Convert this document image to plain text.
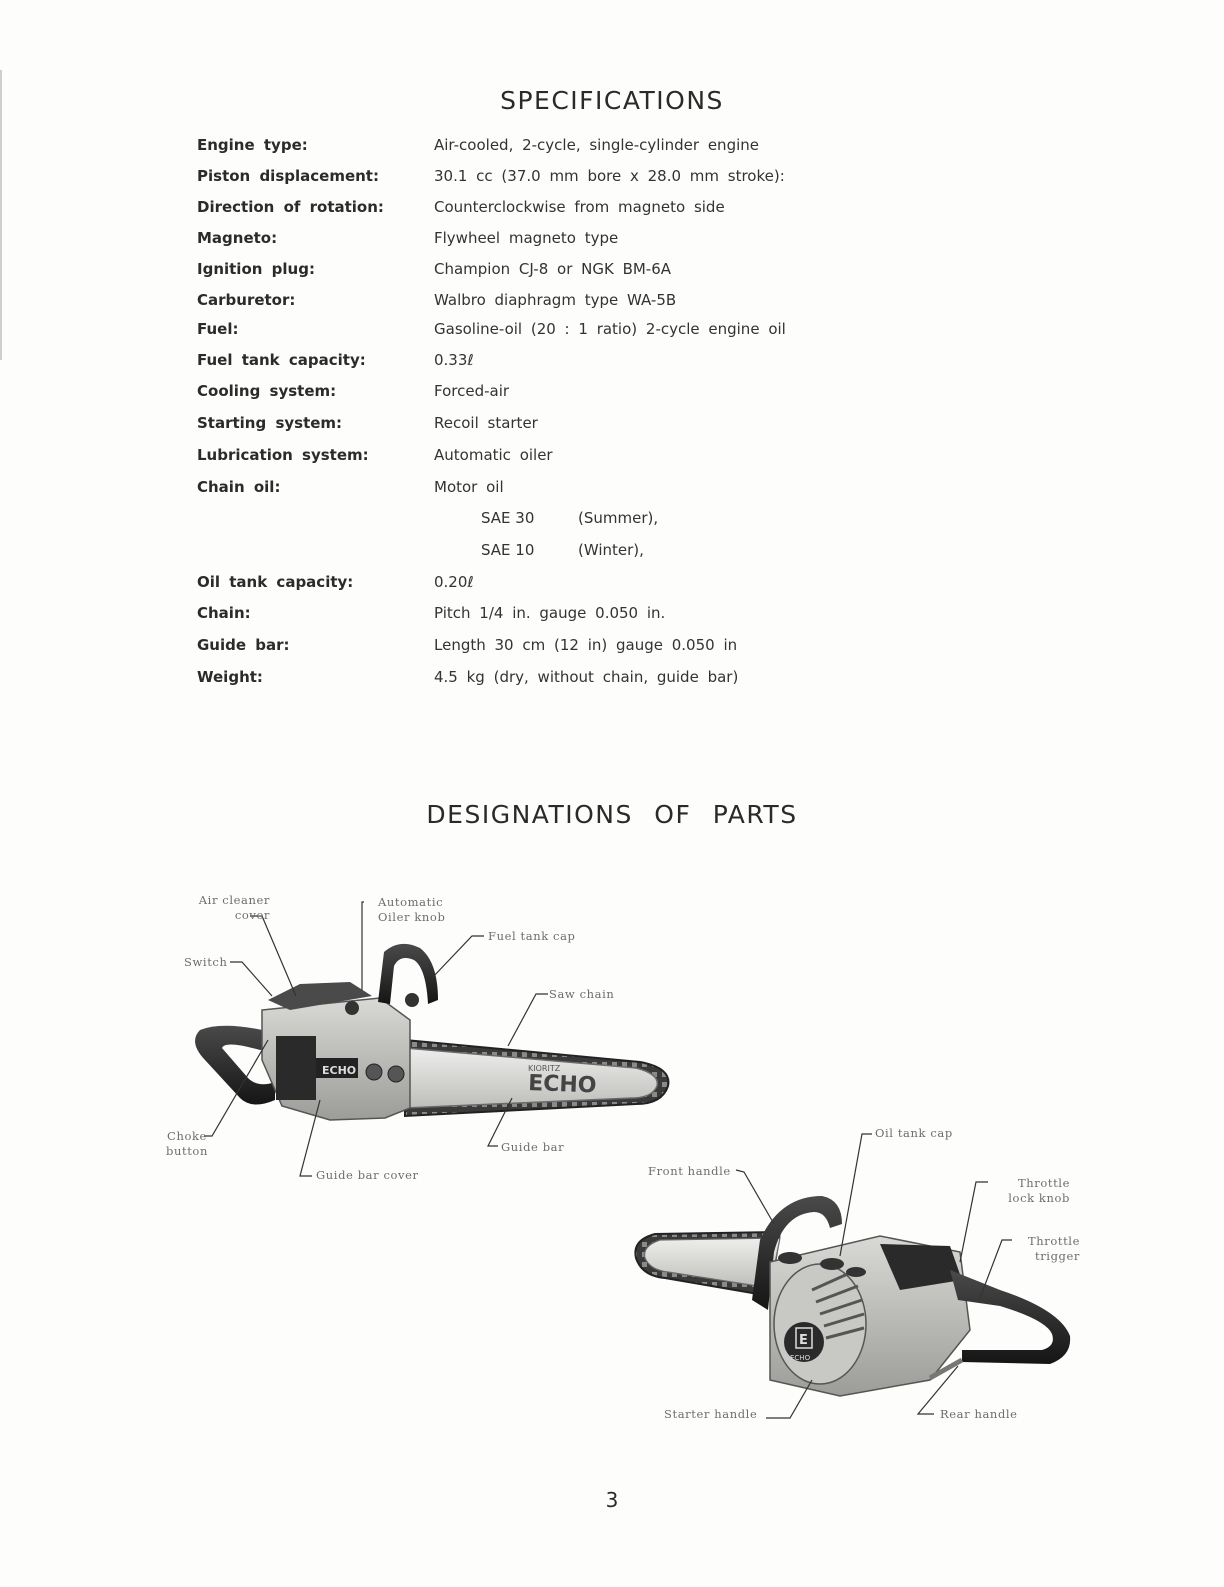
SPECIFICATIONS
Engine type:	Air-cooled, 2-cycle, single-cylinder engine
Piston displacement:	30.1 cc (37.0 mm bore x 28.0 mm stroke):
Direction of rotation:	Counterclockwise from magneto side
Magneto:	Flywheel magneto type
Ignition plug:	Champion CJ-8 or NGK BM-6A
Carburetor:	Walbro diaphragm type WA-5B
Fuel:	Gasoline-oil (20 : 1 ratio) 2-cycle engine oil
Fuel tank capacity:	0.33ℓ
Cooling system:	Forced-air
Starting system:	Recoil starter
Lubrication system:	Automatic oiler
Chain oil:	Motor oil
SAE 30	(Summer),
SAE 10	(Winter),
Oil tank capacity:	0.20ℓ
Chain:	Pitch 1/4 in. gauge 0.050 in.
Guide bar:	Length 30 cm (12 in) gauge 0.050 in
Weight:	4.5 kg (dry, without chain, guide bar)
DESIGNATIONS OF PARTS
ECHO
KIORITZ
ECHO
E
ECHO
Air cleaner
cover
Automatic
Oiler knob
Fuel tank cap
Switch
Saw chain
Choke
button
Guide bar cover
Guide bar
Oil tank cap
Front handle
Throttle
lock knob
Throttle
trigger
Starter handle	Rear handle
3
